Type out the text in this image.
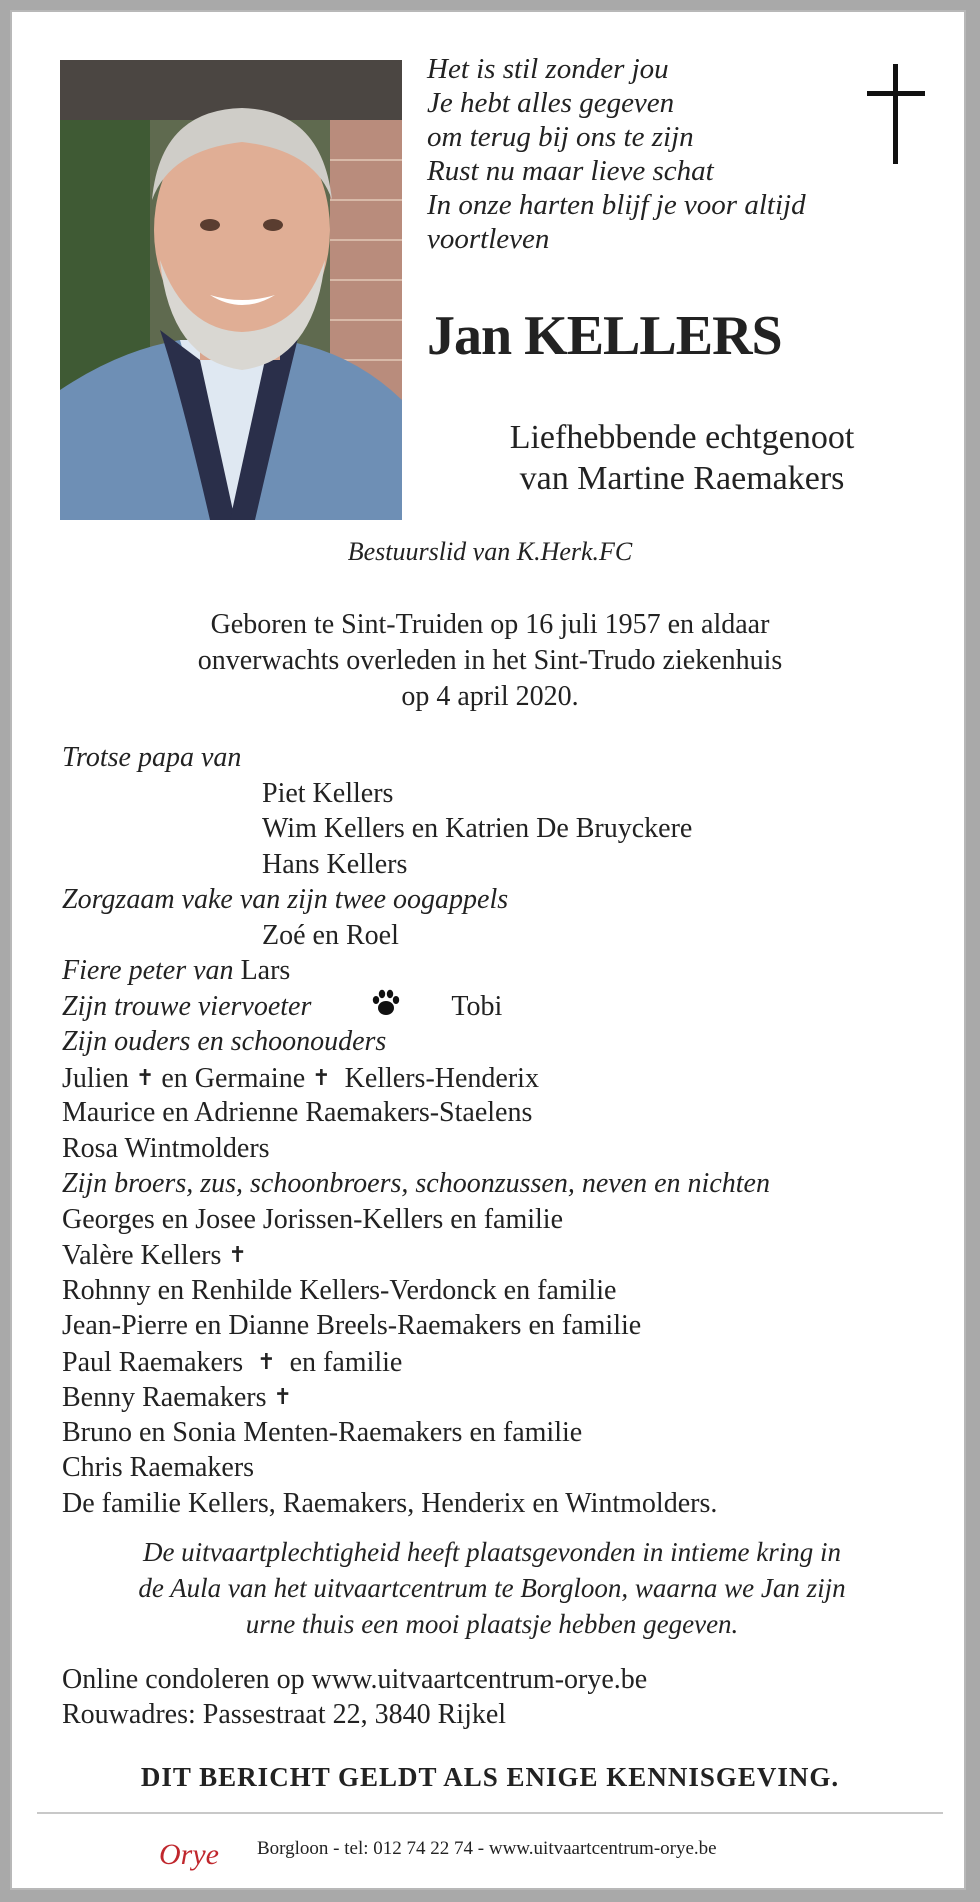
Het is stil zonder jou

Je hebt alles gegeven

om terug bij ons te zijn

Rust nu maar lieve schat

In onze harten blijf je voor altijd

voortleven

Jan KELLERS
Liefhebbende echtgenoot
van Martine Raemakers
Bestuurslid van K.Herk.FC
Geboren te Sint-Truiden op 16 juli 1957 en aldaar
onverwachts overleden in het Sint-Trudo ziekenhuis
op 4 april 2020.
Trotse papa van
Piet Kellers
Wim Kellers en Katrien De Bruyckere
Hans Kellers
Zorgzaam vake van zijn twee oogappels
Zoé en Roel
Fiere peter van Lars
Zijn trouwe viervoeter	Tobi
Zijn ouders en schoonouders
Julien ✝ en Germaine ✝ Kellers-Henderix
Maurice en Adrienne Raemakers-Staelens
Rosa Wintmolders
Zijn broers, zus, schoonbroers, schoonzussen, neven en nichten
Georges en Josee Jorissen-Kellers en familie
Valère Kellers ✝
Rohnny en Renhilde Kellers-Verdonck en familie
Jean-Pierre en Dianne Breels-Raemakers en familie
Paul Raemakers ✝ en familie
Benny Raemakers ✝
Bruno en Sonia Menten-Raemakers en familie
Chris Raemakers
De familie Kellers, Raemakers, Henderix en Wintmolders.
De uitvaartplechtigheid heeft plaatsgevonden in intieme kring in
de Aula van het uitvaartcentrum te Borgloon, waarna we Jan zijn
urne thuis een mooi plaatsje hebben gegeven.
Online condoleren op www.uitvaartcentrum-orye.be
Rouwadres: Passestraat 22, 3840 Rijkel
DIT BERICHT GELDT ALS ENIGE KENNISGEVING.
Orye Borgloon - tel: 012 74 22 74 - www.uitvaartcentrum-orye.be
